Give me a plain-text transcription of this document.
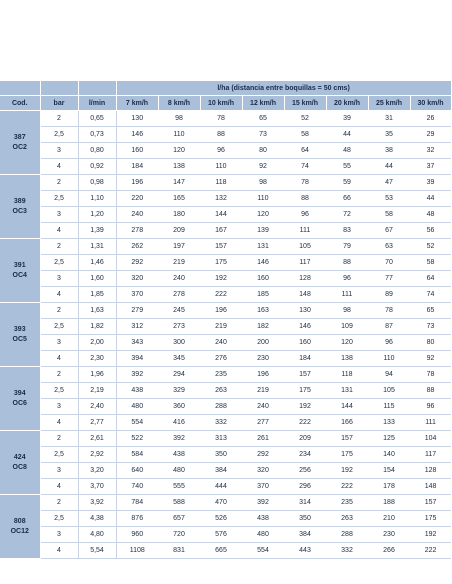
			l/ha (distancia entre boquillas = 50 cms)							
Cod.	bar	l/min	7 km/h	8 km/h	10 km/h	12 km/h	15 km/h	20 km/h	25 km/h	30 km/h

387
OC2	2	0,65	130	98	78	65	52	39	31	26
	2,5	0,73	146	110	88	73	58	44	35	29
	3	0,80	160	120	96	80	64	48	38	32
	4	0,92	184	138	110	92	74	55	44	37

389
OC3	2	0,98	196	147	118	98	78	59	47	39
	2,5	1,10	220	165	132	110	88	66	53	44
	3	1,20	240	180	144	120	96	72	58	48
	4	1,39	278	209	167	139	111	83	67	56

391
OC4	2	1,31	262	197	157	131	105	79	63	52
	2,5	1,46	292	219	175	146	117	88	70	58
	3	1,60	320	240	192	160	128	96	77	64
	4	1,85	370	278	222	185	148	111	89	74

393
OC5	2	1,63	279	245	196	163	130	98	78	65
	2,5	1,82	312	273	219	182	146	109	87	73
	3	2,00	343	300	240	200	160	120	96	80
	4	2,30	394	345	276	230	184	138	110	92

394
OC6	2	1,96	392	294	235	196	157	118	94	78
	2,5	2,19	438	329	263	219	175	131	105	88
	3	2,40	480	360	288	240	192	144	115	96
	4	2,77	554	416	332	277	222	166	133	111

424
OC8	2	2,61	522	392	313	261	209	157	125	104
	2,5	2,92	584	438	350	292	234	175	140	117
	3	3,20	640	480	384	320	256	192	154	128
	4	3,70	740	555	444	370	296	222	178	148

808
OC12	2	3,92	784	588	470	392	314	235	188	157
	2,5	4,38	876	657	526	438	350	263	210	175
	3	4,80	960	720	576	480	384	288	230	192
	4	5,54	1108	831	665	554	443	332	266	222
